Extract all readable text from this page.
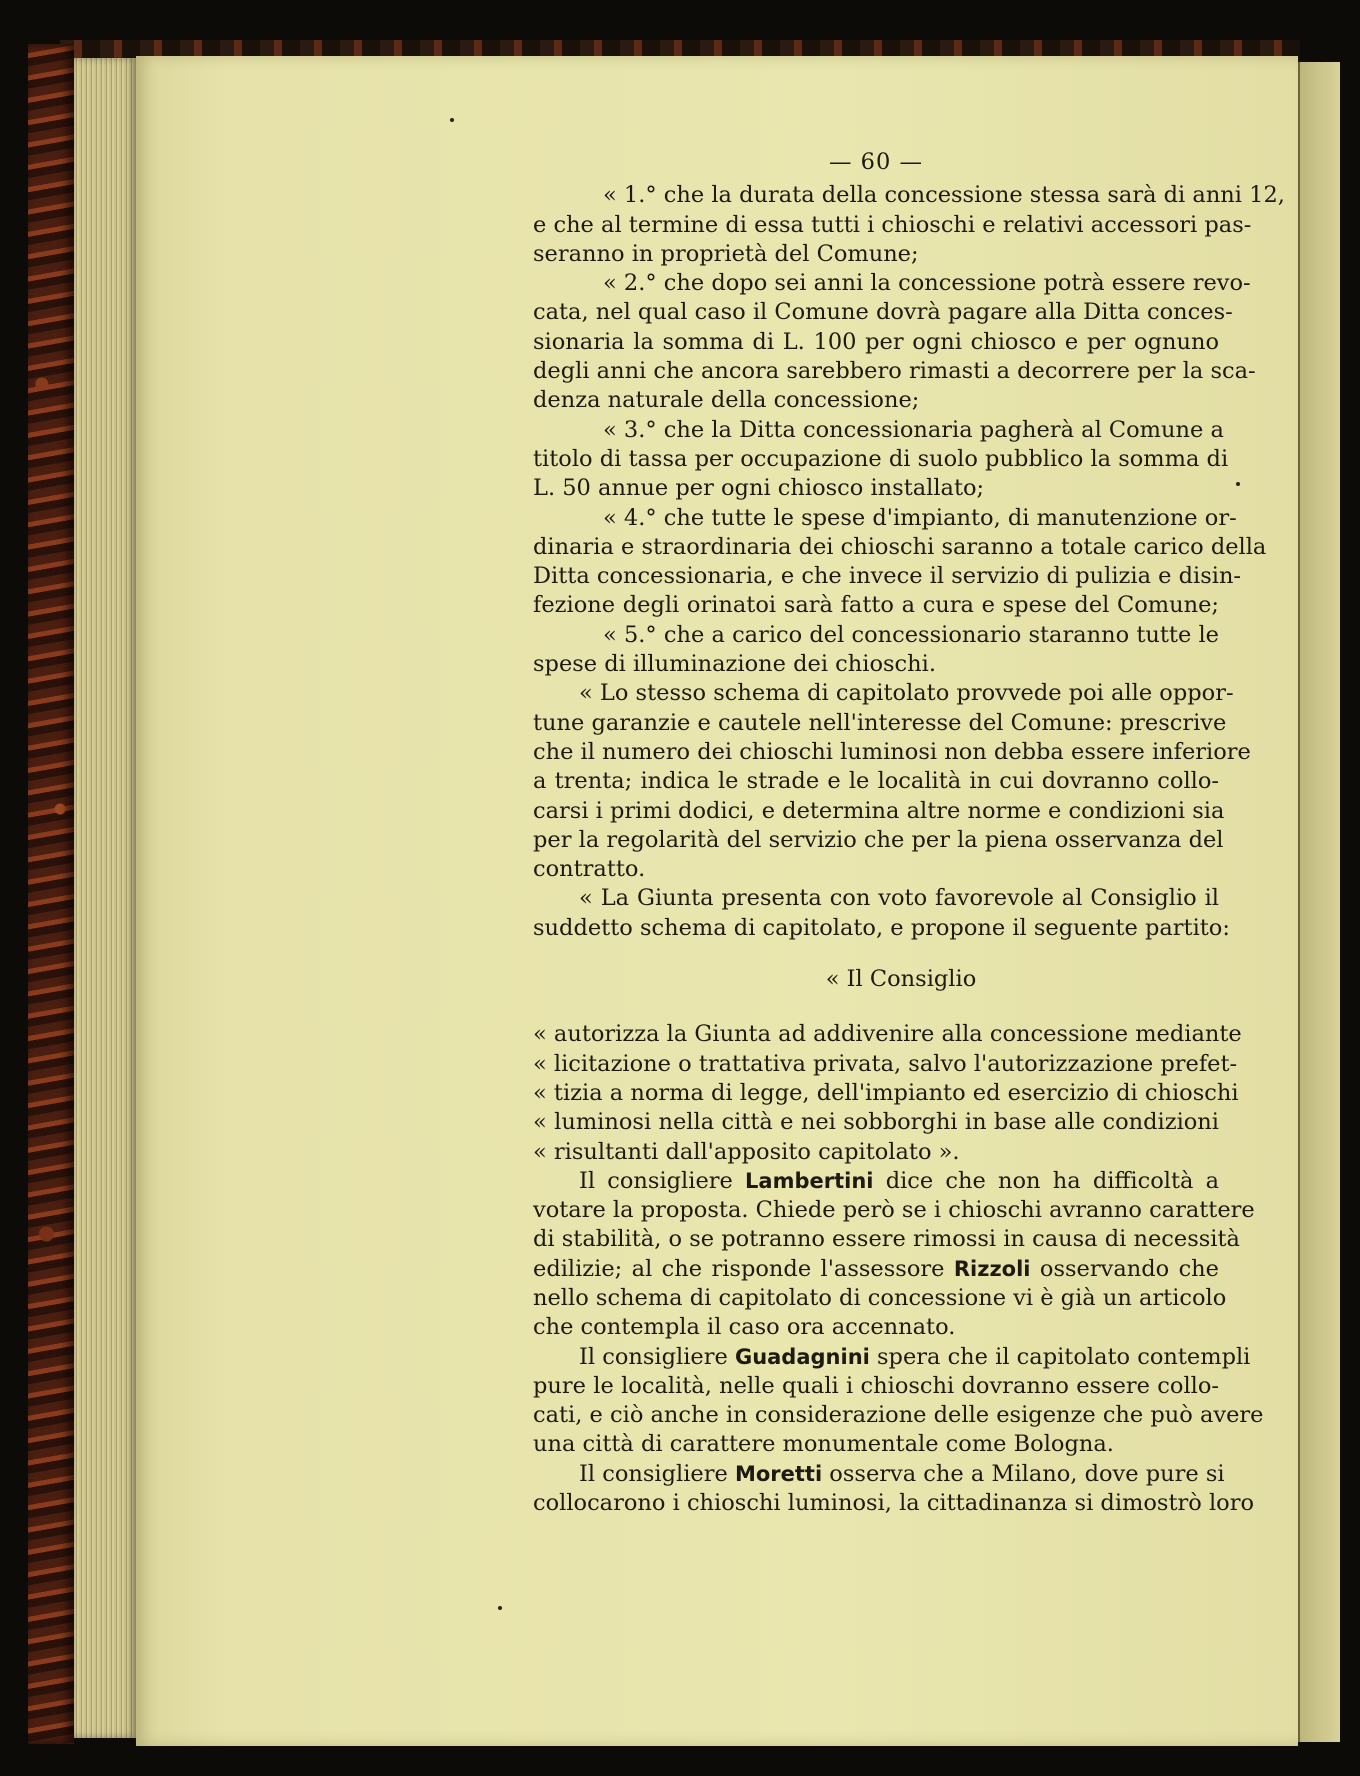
— 60 —
« 1.° che la durata della concessione stessa sarà di anni 12,
e che al termine di essa tutti i chioschi e relativi accessori pas-
seranno in proprietà del Comune;
« 2.° che dopo sei anni la concessione potrà essere revo-
cata, nel qual caso il Comune dovrà pagare alla Ditta conces-
sionaria la somma di L. 100 per ogni chiosco e per ognuno
degli anni che ancora sarebbero rimasti a decorrere per la sca-
denza naturale della concessione;
« 3.° che la Ditta concessionaria pagherà al Comune a
titolo di tassa per occupazione di suolo pubblico la somma di
L. 50 annue per ogni chiosco installato;
« 4.° che tutte le spese d'impianto, di manutenzione or-
dinaria e straordinaria dei chioschi saranno a totale carico della
Ditta concessionaria, e che invece il servizio di pulizia e disin-
fezione degli orinatoi sarà fatto a cura e spese del Comune;
« 5.° che a carico del concessionario staranno tutte le
spese di illuminazione dei chioschi.
« Lo stesso schema di capitolato provvede poi alle oppor-
tune garanzie e cautele nell'interesse del Comune: prescrive
che il numero dei chioschi luminosi non debba essere inferiore
a trenta; indica le strade e le località in cui dovranno collo-
carsi i primi dodici, e determina altre norme e condizioni sia
per la regolarità del servizio che per la piena osservanza del
contratto.
« La Giunta presenta con voto favorevole al Consiglio il
suddetto schema di capitolato, e propone il seguente partito:
« Il Consiglio
« autorizza la Giunta ad addivenire alla concessione mediante
« licitazione o trattativa privata, salvo l'autorizzazione prefet-
« tizia a norma di legge, dell'impianto ed esercizio di chioschi
« luminosi nella città e nei sobborghi in base alle condizioni
« risultanti dall'apposito capitolato ».
Il consigliere Lambertini dice che non ha difficoltà a
votare la proposta. Chiede però se i chioschi avranno carattere
di stabilità, o se potranno essere rimossi in causa di necessità
edilizie; al che risponde l'assessore Rizzoli osservando che
nello schema di capitolato di concessione vi è già un articolo
che contempla il caso ora accennato.
Il consigliere Guadagnini spera che il capitolato contempli
pure le località, nelle quali i chioschi dovranno essere collo-
cati, e ciò anche in considerazione delle esigenze che può avere
una città di carattere monumentale come Bologna.
Il consigliere Moretti osserva che a Milano, dove pure si
collocarono i chioschi luminosi, la cittadinanza si dimostrò loro
